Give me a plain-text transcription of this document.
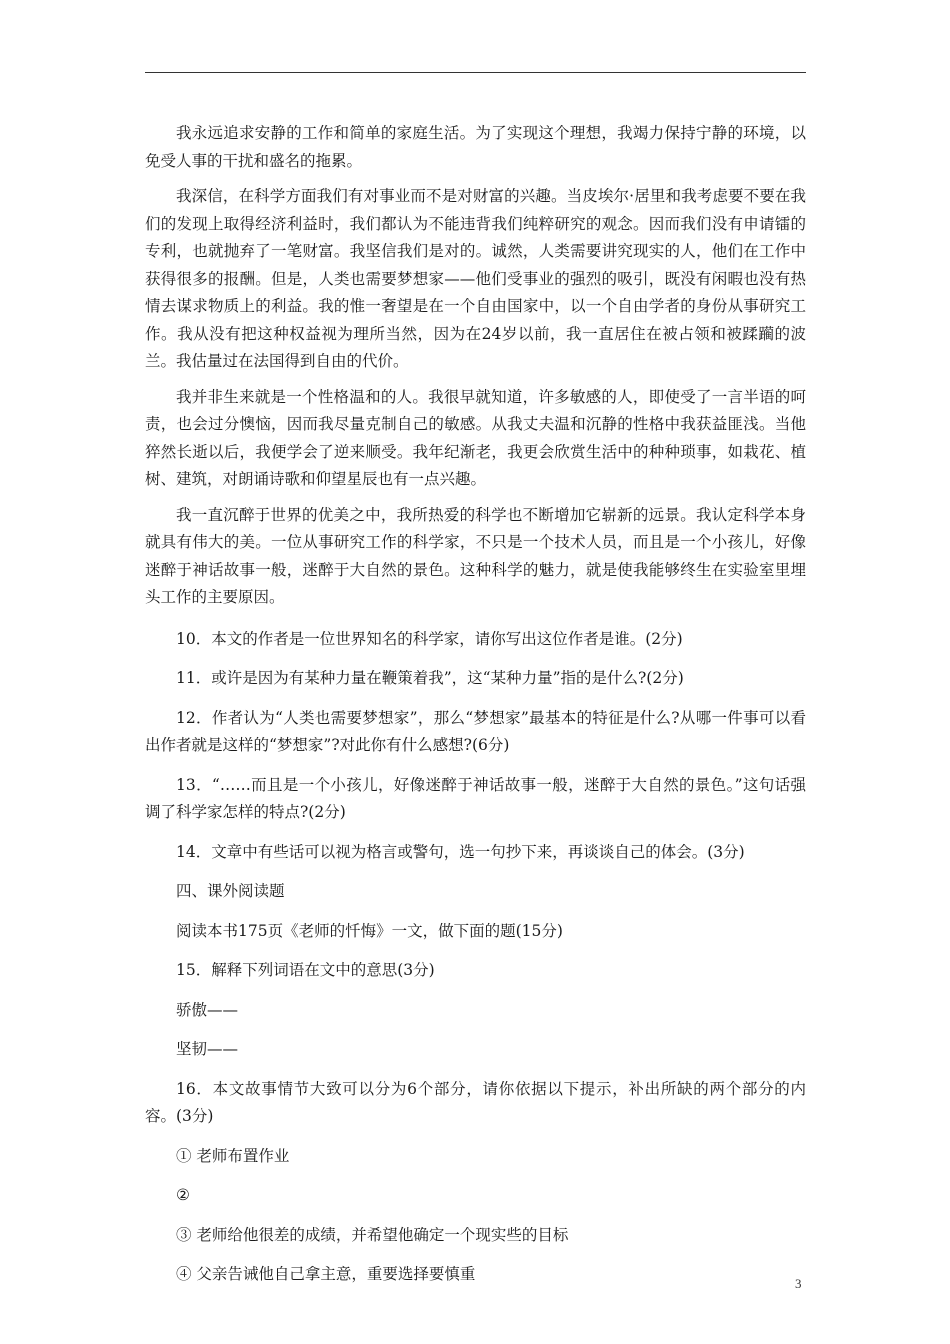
我永远追求安静的工作和简单的家庭生活。为了实现这个理想，我竭力保持宁静的环境，以免受人事的干扰和盛名的拖累。

我深信，在科学方面我们有对事业而不是对财富的兴趣。当皮埃尔·居里和我考虑要不要在我们的发现上取得经济利益时，我们都认为不能违背我们纯粹研究的观念。因而我们没有申请镭的专利，也就抛弃了一笔财富。我坚信我们是对的。诚然，人类需要讲究现实的人，他们在工作中获得很多的报酬。但是，人类也需要梦想家——他们受事业的强烈的吸引，既没有闲暇也没有热情去谋求物质上的利益。我的惟一奢望是在一个自由国家中，以一个自由学者的身份从事研究工作。我从没有把这种权益视为理所当然，因为在24岁以前，我一直居住在被占领和被蹂躏的波兰。我估量过在法国得到自由的代价。

我并非生来就是一个性格温和的人。我很早就知道，许多敏感的人，即使受了一言半语的呵责，也会过分懊恼，因而我尽量克制自己的敏感。从我丈夫温和沉静的性格中我获益匪浅。当他猝然长逝以后，我便学会了逆来顺受。我年纪渐老，我更会欣赏生活中的种种琐事，如栽花、植树、建筑，对朗诵诗歌和仰望星辰也有一点兴趣。

我一直沉醉于世界的优美之中，我所热爱的科学也不断增加它崭新的远景。我认定科学本身就具有伟大的美。一位从事研究工作的科学家，不只是一个技术人员，而且是一个小孩儿，好像迷醉于神话故事一般，迷醉于大自然的景色。这种科学的魅力，就是使我能够终生在实验室里埋头工作的主要原因。

10．本文的作者是一位世界知名的科学家，请你写出这位作者是谁。(2分)

11．或许是因为有某种力量在鞭策着我”，这“某种力量”指的是什么?(2分)

12．作者认为“人类也需要梦想家”，那么“梦想家”最基本的特征是什么?从哪一件事可以看出作者就是这样的“梦想家”?对此你有什么感想?(6分)

13．“……而且是一个小孩儿，好像迷醉于神话故事一般，迷醉于大自然的景色。”这句话强调了科学家怎样的特点?(2分)

14．文章中有些话可以视为格言或警句，选一句抄下来，再谈谈自己的体会。(3分)

四、课外阅读题

阅读本书175页《老师的忏悔》一文，做下面的题(15分)

15．解释下列词语在文中的意思(3分)

骄傲——

坚韧——

16．本文故事情节大致可以分为6个部分，请你依据以下提示，补出所缺的两个部分的内容。(3分)

① 老师布置作业

②

③ 老师给他很差的成绩，并希望他确定一个现实些的目标

④ 父亲告诫他自己拿主意，重要选择要慎重

3
